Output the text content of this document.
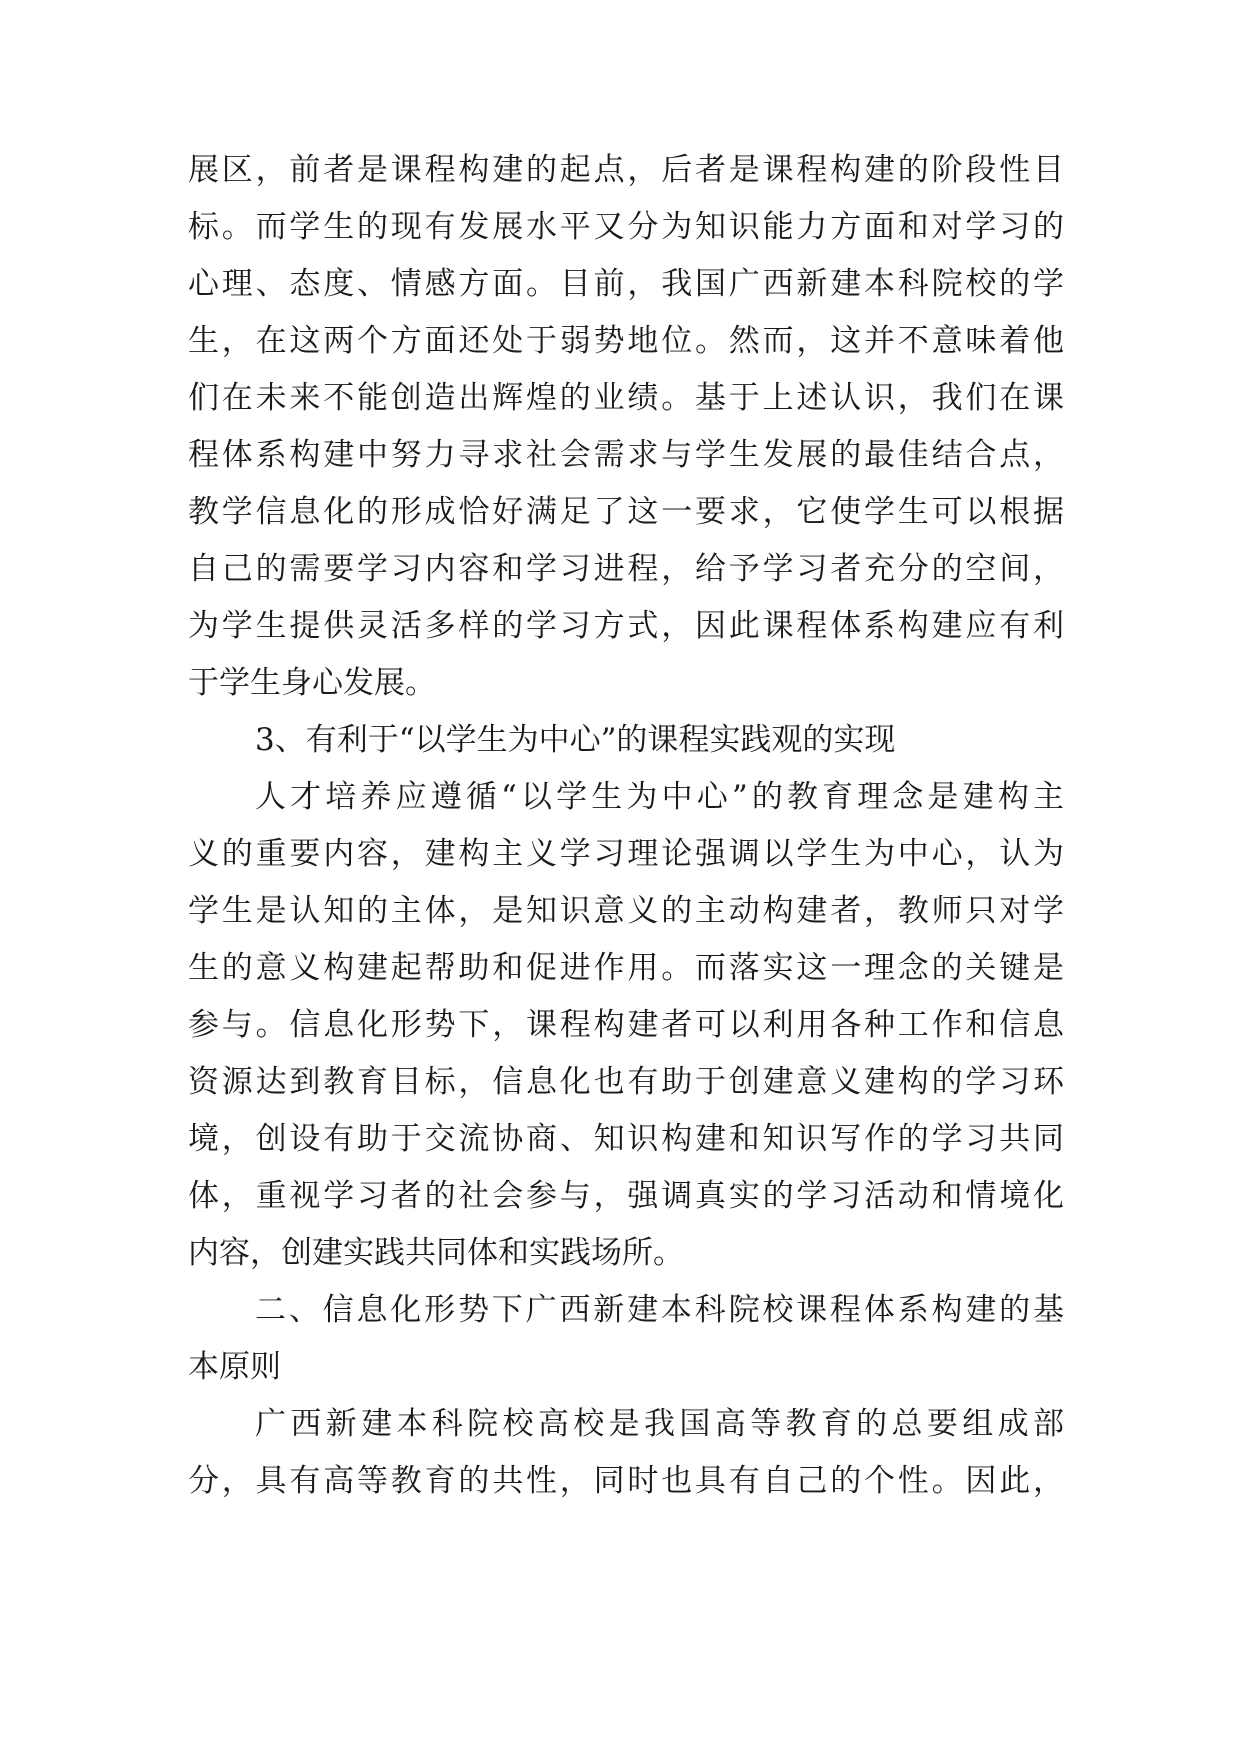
展区，前者是课程构建的起点，后者是课程构建的阶段性目
标。而学生的现有发展水平又分为知识能力方面和对学习的
心理、态度、情感方面。目前，我国广西新建本科院校的学
生，在这两个方面还处于弱势地位。然而，这并不意味着他
们在未来不能创造出辉煌的业绩。基于上述认识，我们在课
程体系构建中努力寻求社会需求与学生发展的最佳结合点，
教学信息化的形成恰好满足了这一要求，它使学生可以根据
自己的需要学习内容和学习进程，给予学习者充分的空间，
为学生提供灵活多样的学习方式，因此课程体系构建应有利
于学生身心发展。
3、有利于“以学生为中心”的课程实践观的实现
人才培养应遵循“以学生为中心”的教育理念是建构主
义的重要内容，建构主义学习理论强调以学生为中心，认为
学生是认知的主体，是知识意义的主动构建者，教师只对学
生的意义构建起帮助和促进作用。而落实这一理念的关键是
参与。信息化形势下，课程构建者可以利用各种工作和信息
资源达到教育目标，信息化也有助于创建意义建构的学习环
境，创设有助于交流协商、知识构建和知识写作的学习共同
体，重视学习者的社会参与，强调真实的学习活动和情境化
内容，创建实践共同体和实践场所。
二、信息化形势下广西新建本科院校课程体系构建的基
本原则
广西新建本科院校高校是我国高等教育的总要组成部
分，具有高等教育的共性，同时也具有自己的个性。因此，
